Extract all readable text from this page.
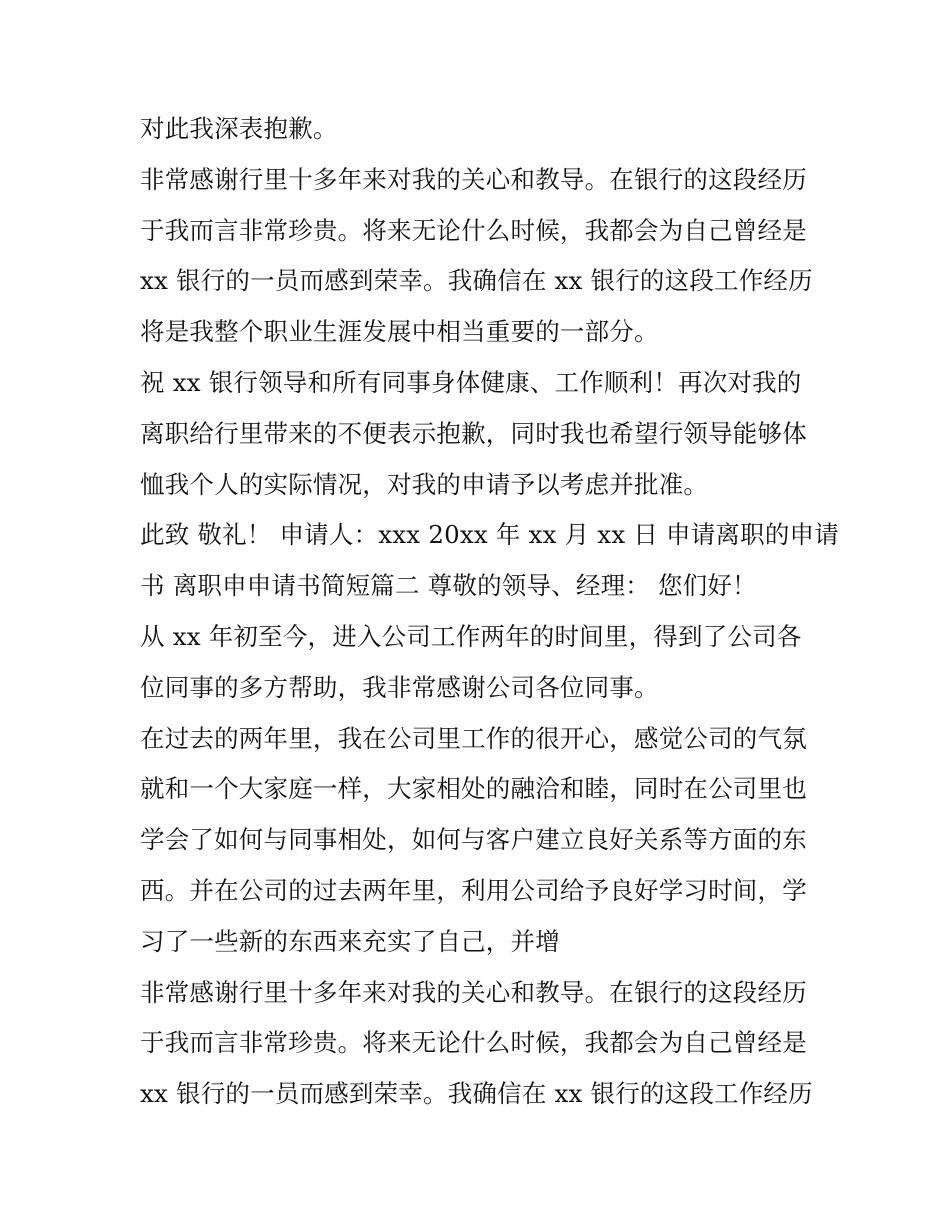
对此我深表抱歉。
非常感谢行里十多年来对我的关心和教导。在银行的这段经历
于我而言非常珍贵。将来无论什么时候，我都会为自己曾经是
xx 银行的一员而感到荣幸。我确信在 xx 银行的这段工作经历
将是我整个职业生涯发展中相当重要的一部分。
祝 xx 银行领导和所有同事身体健康、工作顺利！再次对我的
离职给行里带来的不便表示抱歉，同时我也希望行领导能够体
恤我个人的实际情况，对我的申请予以考虑并批准。
此致 敬礼！ 申请人：xxx 20xx 年 xx 月 xx 日 申请离职的申请
书 离职申申请书简短篇二 尊敬的领导、经理： 您们好！
从 xx 年初至今，进入公司工作两年的时间里，得到了公司各
位同事的多方帮助，我非常感谢公司各位同事。
在过去的两年里，我在公司里工作的很开心，感觉公司的气氛
就和一个大家庭一样，大家相处的融洽和睦，同时在公司里也
学会了如何与同事相处，如何与客户建立良好关系等方面的东
西。并在公司的过去两年里，利用公司给予良好学习时间，学
习了一些新的东西来充实了自己，并增
非常感谢行里十多年来对我的关心和教导。在银行的这段经历
于我而言非常珍贵。将来无论什么时候，我都会为自己曾经是
xx 银行的一员而感到荣幸。我确信在 xx 银行的这段工作经历
